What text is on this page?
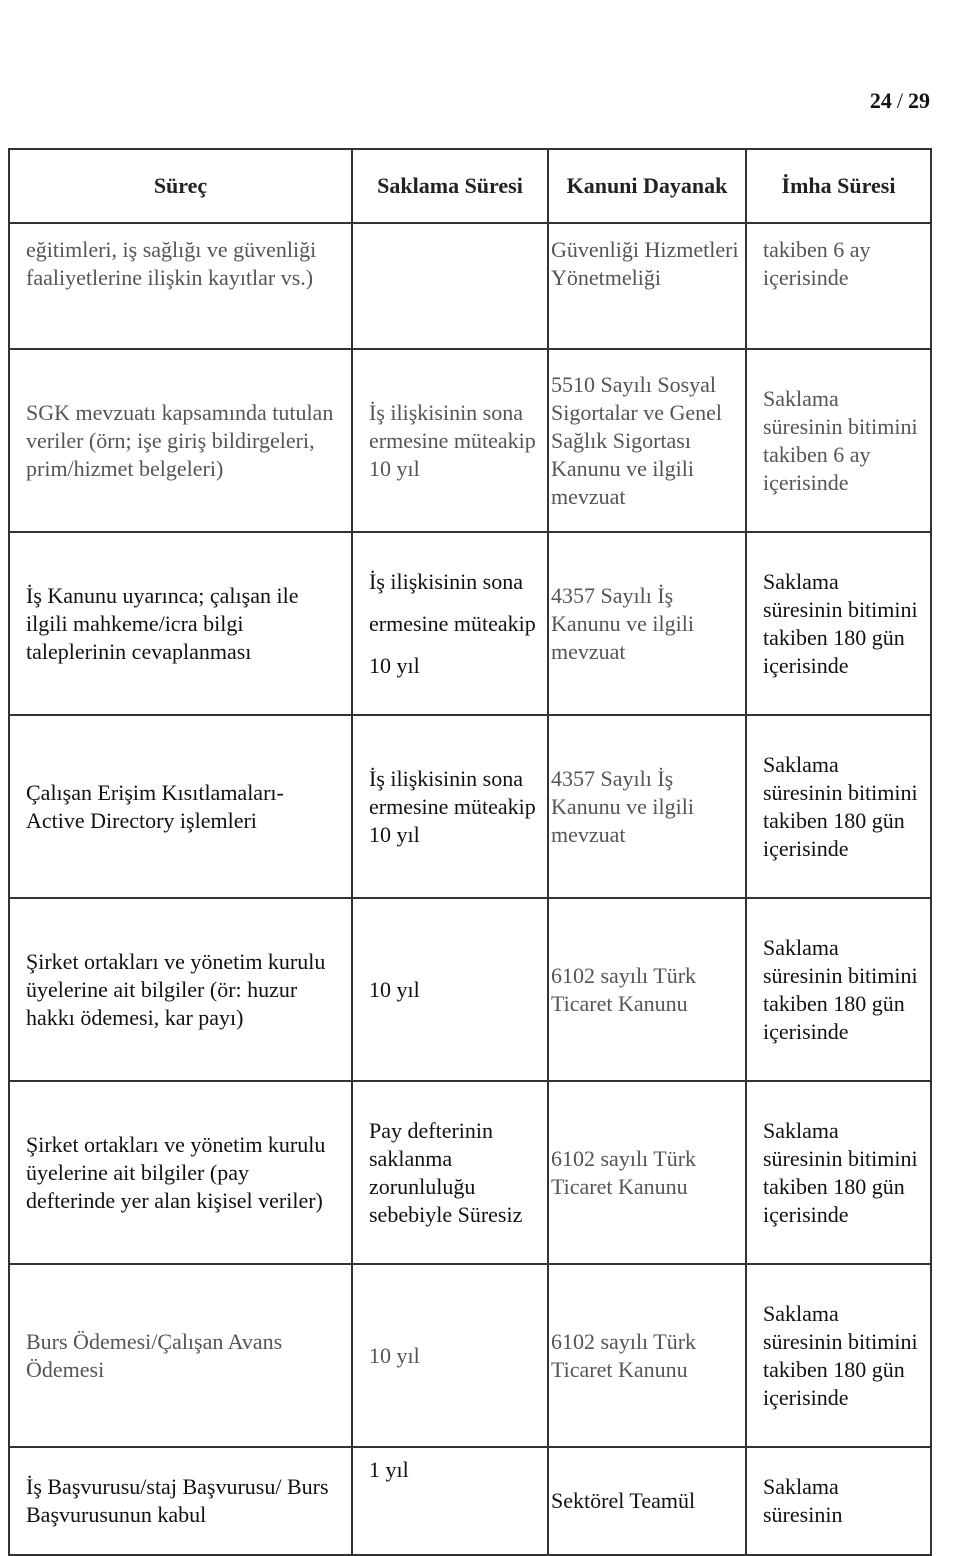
24 / 29
Süreç	Saklama Süresi	Kanuni Dayanak	İmha Süresi
eğitimleri, iş sağlığı ve güvenliği faaliyetlerine ilişkin kayıtlar vs.)		Güvenliği Hizmetleri Yönetmeliği	takiben 6 ay içerisinde
SGK mevzuatı kapsamında tutulan veriler (örn; işe giriş bildirgeleri, prim/hizmet belgeleri)	İş ilişkisinin sona ermesine müteakip 10 yıl	5510 Sayılı Sosyal Sigortalar ve Genel Sağlık Sigortası Kanunu ve ilgili mevzuat	Saklama süresinin bitimini takiben 6 ay içerisinde
İş Kanunu uyarınca; çalışan ile ilgili mahkeme/icra bilgi taleplerinin cevaplanması	İş ilişkisinin sona ermesine müteakip 10 yıl	4357 Sayılı İş Kanunu ve ilgili mevzuat	Saklama süresinin bitimini takiben 180 gün içerisinde
Çalışan Erişim Kısıtlamaları-Active Directory işlemleri	İş ilişkisinin sona ermesine müteakip 10 yıl	4357 Sayılı İş Kanunu ve ilgili mevzuat	Saklama süresinin bitimini takiben 180 gün içerisinde
Şirket ortakları ve yönetim kurulu üyelerine ait bilgiler (ör: huzur hakkı ödemesi, kar payı)	10 yıl	6102 sayılı Türk Ticaret Kanunu	Saklama süresinin bitimini takiben 180 gün içerisinde
Şirket ortakları ve yönetim kurulu üyelerine ait bilgiler (pay defterinde yer alan kişisel veriler)	Pay defterinin saklanma zorunluluğu sebebiyle Süresiz	6102 sayılı Türk Ticaret Kanunu	Saklama süresinin bitimini takiben 180 gün içerisinde
Burs Ödemesi/Çalışan Avans Ödemesi	10 yıl	6102 sayılı Türk Ticaret Kanunu	Saklama süresinin bitimini takiben 180 gün içerisinde
İş Başvurusu/staj Başvurusu/ Burs Başvurusunun kabul	1 yıl	Sektörel Teamül	Saklama süresinin
